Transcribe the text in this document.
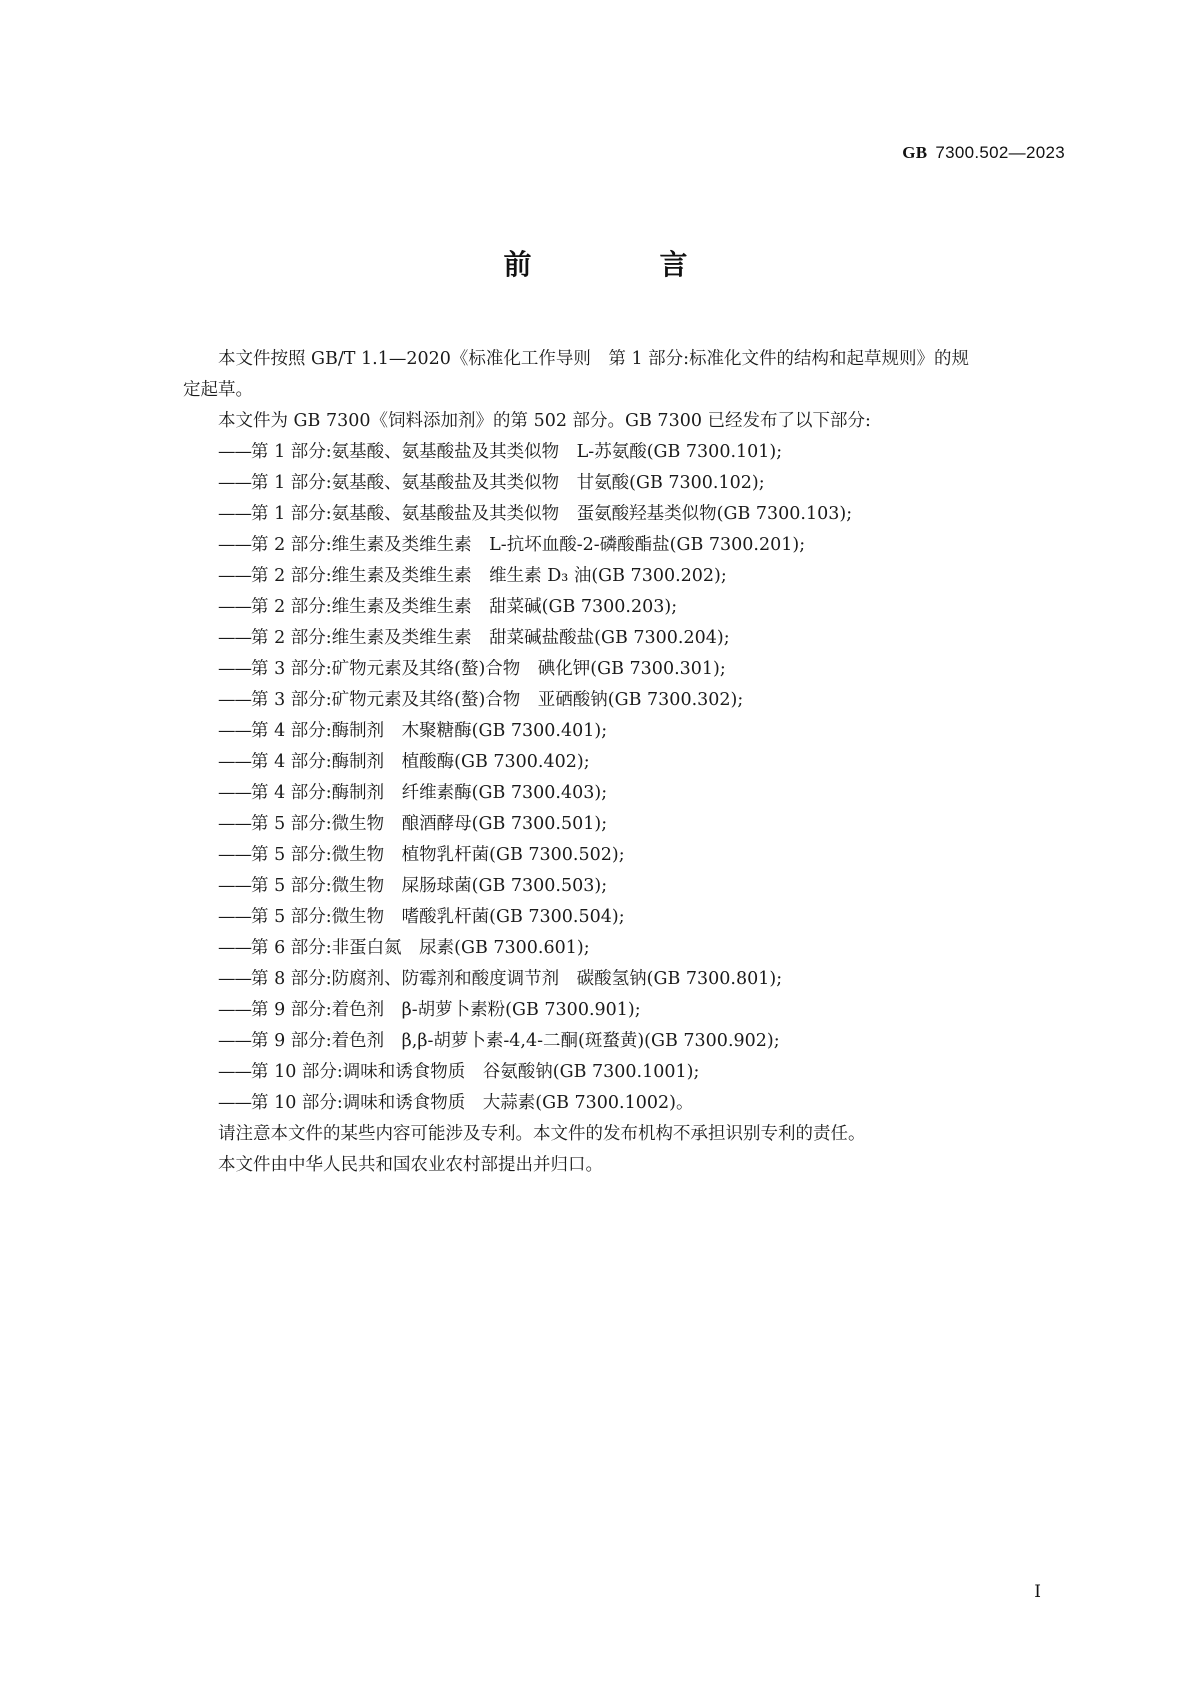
GB 7300.502—2023
前　言

本文件按照 GB/T 1.1—2020《标准化工作导则　第 1 部分:标准化文件的结构和起草规则》的规

定起草。

本文件为 GB 7300《饲料添加剂》的第 502 部分。GB 7300 已经发布了以下部分:

——第 1 部分:氨基酸、氨基酸盐及其类似物　L-苏氨酸(GB 7300.101);

——第 1 部分:氨基酸、氨基酸盐及其类似物　甘氨酸(GB 7300.102);

——第 1 部分:氨基酸、氨基酸盐及其类似物　蛋氨酸羟基类似物(GB 7300.103);

——第 2 部分:维生素及类维生素　L-抗坏血酸-2-磷酸酯盐(GB 7300.201);

——第 2 部分:维生素及类维生素　维生素 D₃ 油(GB 7300.202);

——第 2 部分:维生素及类维生素　甜菜碱(GB 7300.203);

——第 2 部分:维生素及类维生素　甜菜碱盐酸盐(GB 7300.204);

——第 3 部分:矿物元素及其络(螯)合物　碘化钾(GB 7300.301);

——第 3 部分:矿物元素及其络(螯)合物　亚硒酸钠(GB 7300.302);

——第 4 部分:酶制剂　木聚糖酶(GB 7300.401);

——第 4 部分:酶制剂　植酸酶(GB 7300.402);

——第 4 部分:酶制剂　纤维素酶(GB 7300.403);

——第 5 部分:微生物　酿酒酵母(GB 7300.501);

——第 5 部分:微生物　植物乳杆菌(GB 7300.502);

——第 5 部分:微生物　屎肠球菌(GB 7300.503);

——第 5 部分:微生物　嗜酸乳杆菌(GB 7300.504);

——第 6 部分:非蛋白氮　尿素(GB 7300.601);

——第 8 部分:防腐剂、防霉剂和酸度调节剂　碳酸氢钠(GB 7300.801);

——第 9 部分:着色剂　β-胡萝卜素粉(GB 7300.901);

——第 9 部分:着色剂　β,β-胡萝卜素-4,4-二酮(斑蝥黄)(GB 7300.902);

——第 10 部分:调味和诱食物质　谷氨酸钠(GB 7300.1001);

——第 10 部分:调味和诱食物质　大蒜素(GB 7300.1002)。

请注意本文件的某些内容可能涉及专利。本文件的发布机构不承担识别专利的责任。

本文件由中华人民共和国农业农村部提出并归口。

I
